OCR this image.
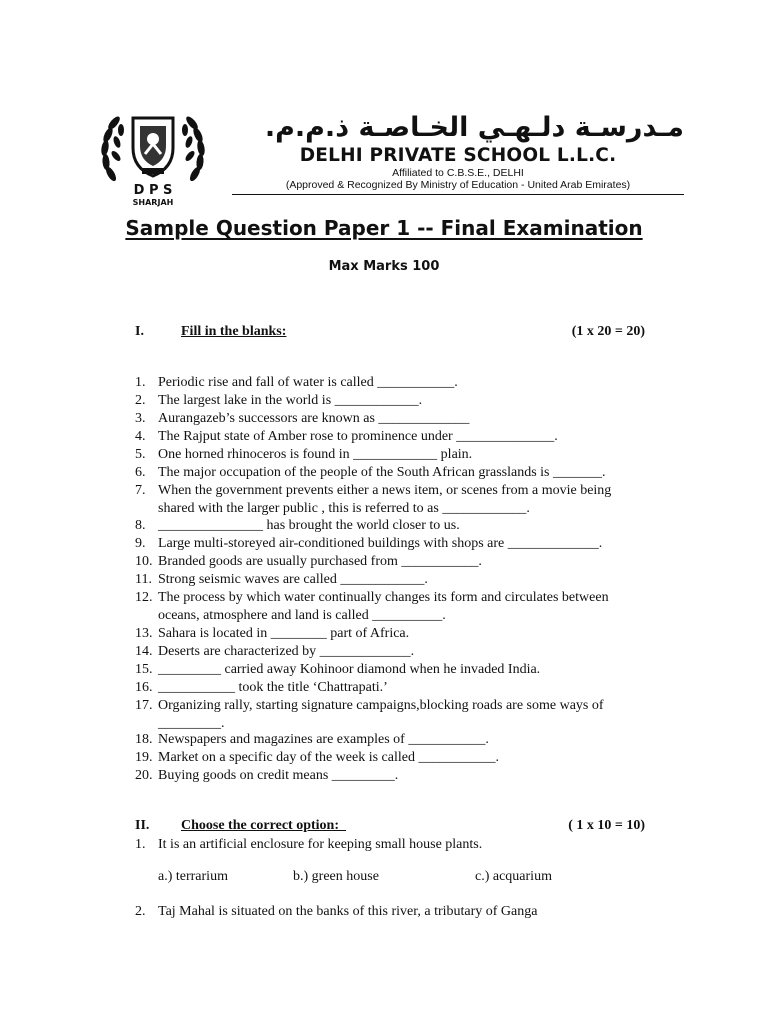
D P S
SHARJAH
مـدرسـة دلـهـي الخـاصـة ذ.م.م.
DELHI PRIVATE SCHOOL L.L.C.
Affiliated to C.B.S.E., DELHI
(Approved & Recognized By Ministry of Education - United Arab Emirates)
Sample Question Paper 1 -- Final Examination
Max Marks 100
I.	Fill in the blanks:	(1 x 20 = 20)
1. Periodic rise and fall of water is called ___________.
2. The largest lake in the world is ____________.
3. Aurangazeb’s successors are known as _____________
4. The Rajput state of Amber rose to prominence under ______________.
5. One horned rhinoceros is found in ____________ plain.
6. The major occupation of the people of the South African grasslands is _______.
7. When the government prevents either a news item, or scenes from a movie being
shared with the larger public , this is referred to as ____________.
8. _______________ has brought the world closer to us.
9. Large multi-storeyed air-conditioned buildings with shops are _____________.
10. Branded goods are usually purchased from ___________.
11. Strong seismic waves are called ____________.
12. The process by which water continually changes its form and circulates between
oceans, atmosphere and land is called __________.
13. Sahara is located in ________ part of Africa.
14. Deserts are characterized by _____________.
15. _________ carried away Kohinoor diamond when he invaded India.
16. ___________ took the title ‘Chattrapati.’
17. Organizing rally, starting signature campaigns,blocking roads are some ways of
_________.
18. Newspapers and magazines are examples of ___________.
19. Market on a specific day of the week is called ___________.
20. Buying goods on credit means _________.
II. Choose the correct option:	( 1 x 10 = 10)
1. It is an artificial enclosure for keeping small house plants.
a.) terrarium	b.) green house	c.) acquarium
2. Taj Mahal is situated on the banks of this river, a tributary of Ganga
